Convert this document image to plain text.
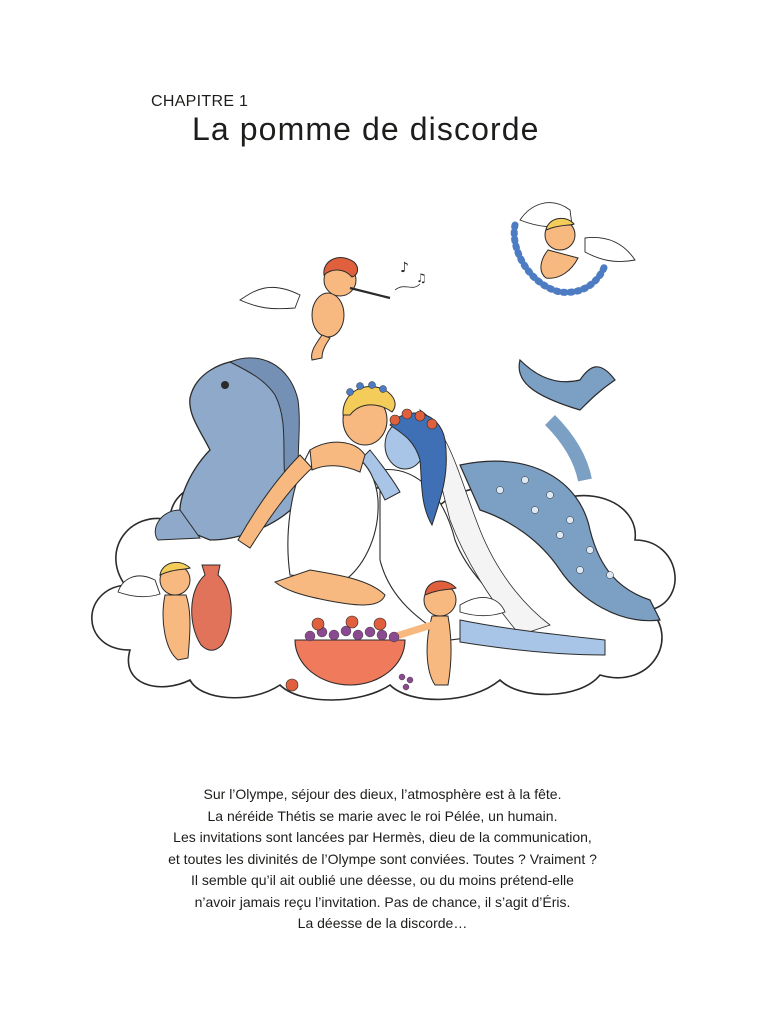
CHAPITRE 1
La pomme de discorde
♪
♫
Sur l’Olympe, séjour des dieux, l’atmosphère est à la fête.
La néréide Thétis se marie avec le roi Pélée, un humain.
Les invitations sont lancées par Hermès, dieu de la communication,
et toutes les divinités de l’Olympe sont conviées. Toutes ? Vraiment ?
Il semble qu’il ait oublié une déesse, ou du moins prétend-elle
n’avoir jamais reçu l’invitation. Pas de chance, il s’agit d’Éris.
La déesse de la discorde…
